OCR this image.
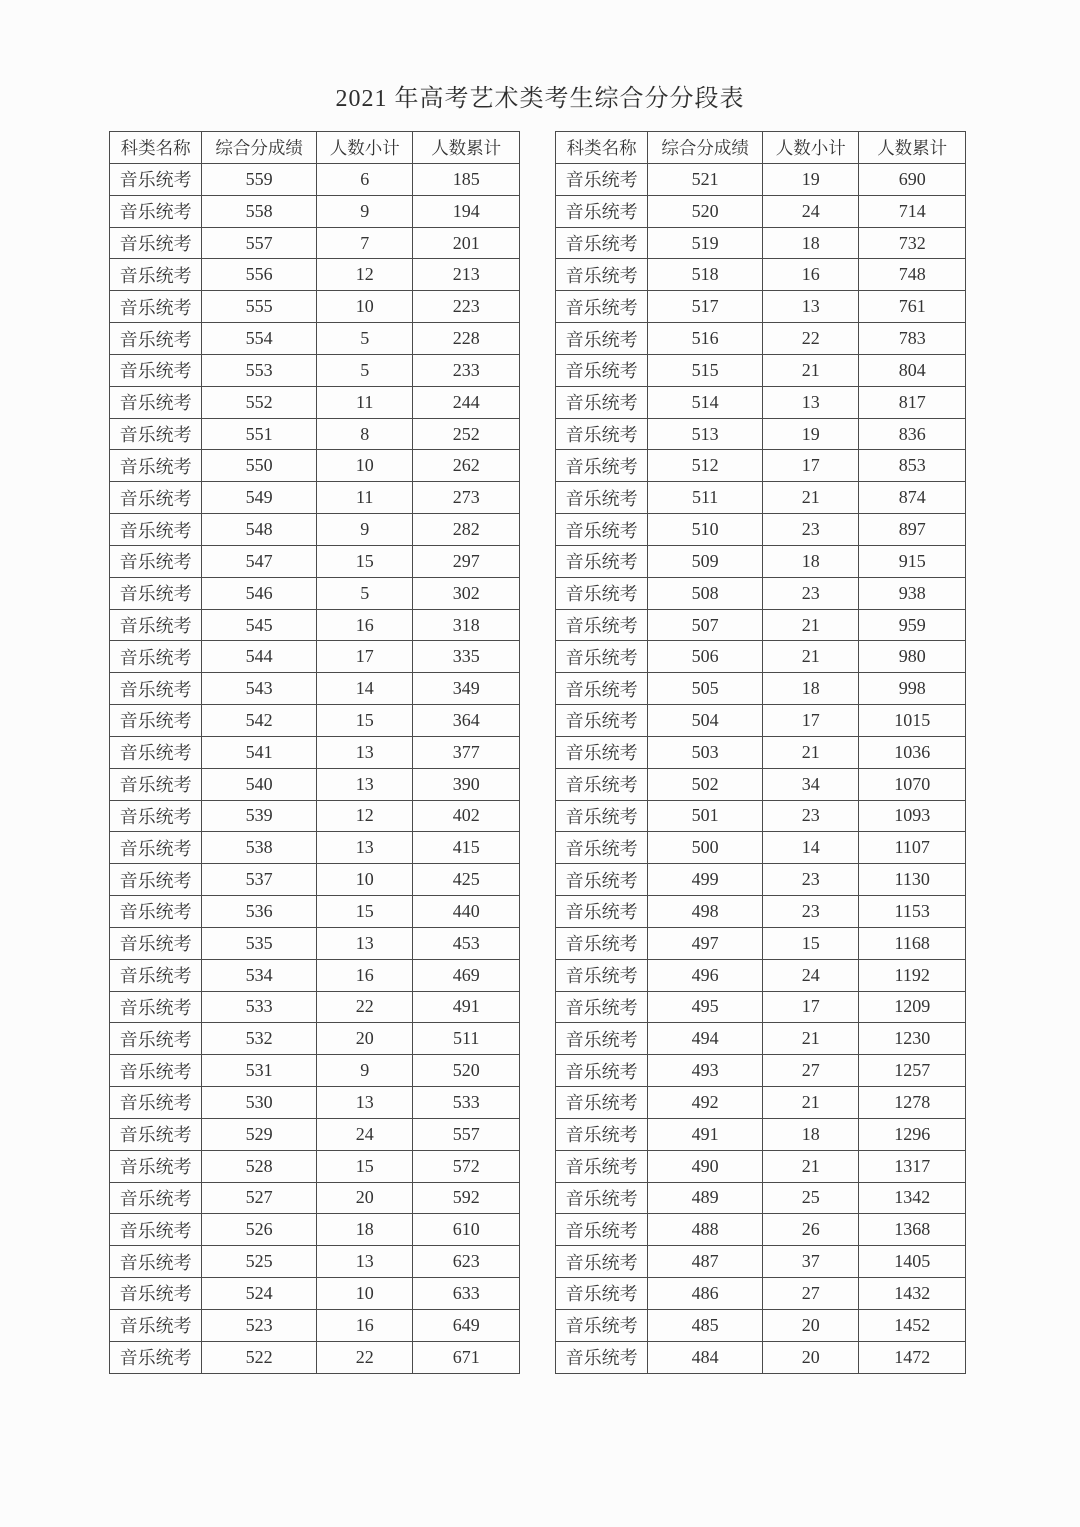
2021 年高考艺术类考生综合分分段表
科类名称	综合分成绩	人数小计	人数累计
音乐统考	559	6	185
音乐统考	558	9	194
音乐统考	557	7	201
音乐统考	556	12	213
音乐统考	555	10	223
音乐统考	554	5	228
音乐统考	553	5	233
音乐统考	552	11	244
音乐统考	551	8	252
音乐统考	550	10	262
音乐统考	549	11	273
音乐统考	548	9	282
音乐统考	547	15	297
音乐统考	546	5	302
音乐统考	545	16	318
音乐统考	544	17	335
音乐统考	543	14	349
音乐统考	542	15	364
音乐统考	541	13	377
音乐统考	540	13	390
音乐统考	539	12	402
音乐统考	538	13	415
音乐统考	537	10	425
音乐统考	536	15	440
音乐统考	535	13	453
音乐统考	534	16	469
音乐统考	533	22	491
音乐统考	532	20	511
音乐统考	531	9	520
音乐统考	530	13	533
音乐统考	529	24	557
音乐统考	528	15	572
音乐统考	527	20	592
音乐统考	526	18	610
音乐统考	525	13	623
音乐统考	524	10	633
音乐统考	523	16	649
音乐统考	522	22	671
科类名称	综合分成绩	人数小计	人数累计
音乐统考	521	19	690
音乐统考	520	24	714
音乐统考	519	18	732
音乐统考	518	16	748
音乐统考	517	13	761
音乐统考	516	22	783
音乐统考	515	21	804
音乐统考	514	13	817
音乐统考	513	19	836
音乐统考	512	17	853
音乐统考	511	21	874
音乐统考	510	23	897
音乐统考	509	18	915
音乐统考	508	23	938
音乐统考	507	21	959
音乐统考	506	21	980
音乐统考	505	18	998
音乐统考	504	17	1015
音乐统考	503	21	1036
音乐统考	502	34	1070
音乐统考	501	23	1093
音乐统考	500	14	1107
音乐统考	499	23	1130
音乐统考	498	23	1153
音乐统考	497	15	1168
音乐统考	496	24	1192
音乐统考	495	17	1209
音乐统考	494	21	1230
音乐统考	493	27	1257
音乐统考	492	21	1278
音乐统考	491	18	1296
音乐统考	490	21	1317
音乐统考	489	25	1342
音乐统考	488	26	1368
音乐统考	487	37	1405
音乐统考	486	27	1432
音乐统考	485	20	1452
音乐统考	484	20	1472
